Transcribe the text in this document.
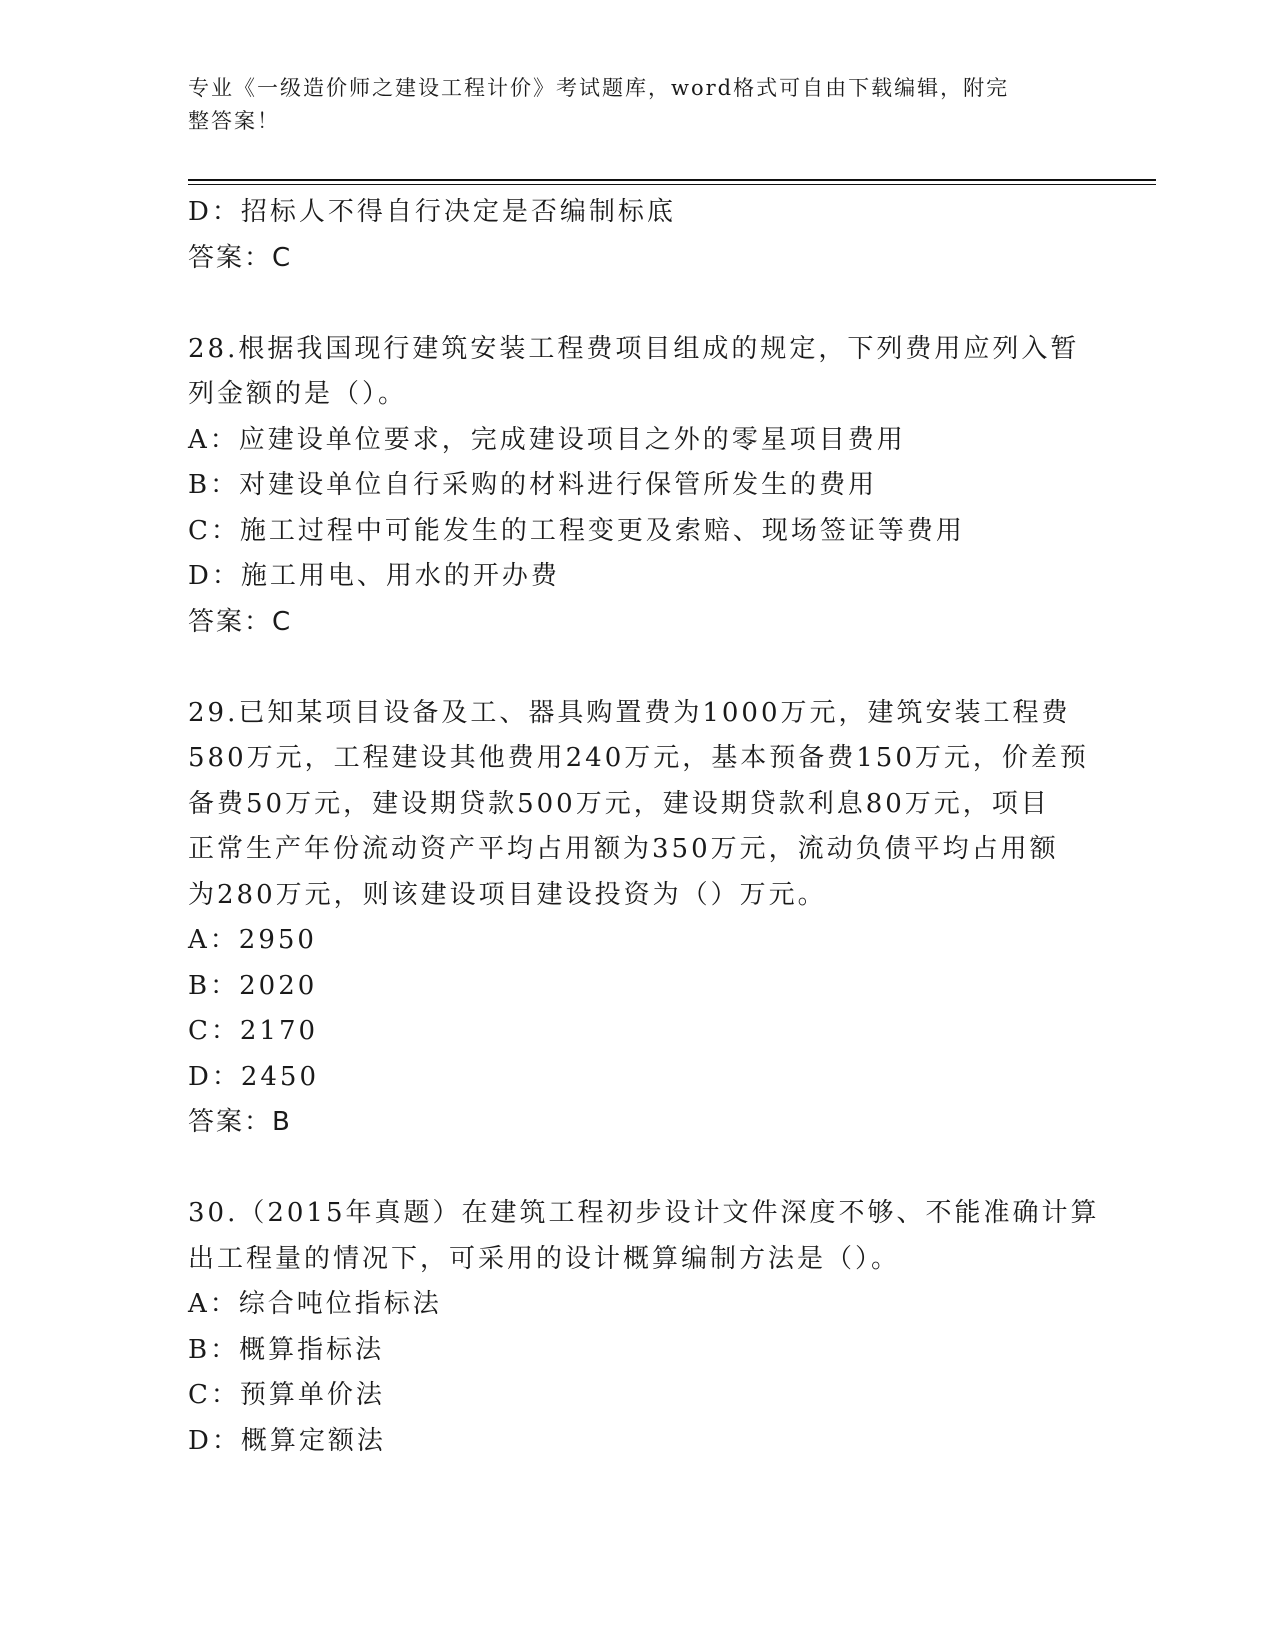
专业《一级造价师之建设工程计价》考试题库，word格式可自由下载编辑，附完
整答案！
D：招标人不得自行决定是否编制标底
答案：C
28.根据我国现行建筑安装工程费项目组成的规定，下列费用应列入暂
列金额的是（）。
A：应建设单位要求，完成建设项目之外的零星项目费用
B：对建设单位自行采购的材料进行保管所发生的费用
C：施工过程中可能发生的工程变更及索赔、现场签证等费用
D：施工用电、用水的开办费
答案：C
29.已知某项目设备及工、器具购置费为1000万元，建筑安装工程费
580万元，工程建设其他费用240万元，基本预备费150万元，价差预
备费50万元，建设期贷款500万元，建设期贷款利息80万元，项目
正常生产年份流动资产平均占用额为350万元，流动负债平均占用额
为280万元，则该建设项目建设投资为（）万元。
A：2950
B：2020
C：2170
D：2450
答案：B
30.（2015年真题）在建筑工程初步设计文件深度不够、不能准确计算
出工程量的情况下，可采用的设计概算编制方法是（）。
A：综合吨位指标法
B：概算指标法
C：预算单价法
D：概算定额法
